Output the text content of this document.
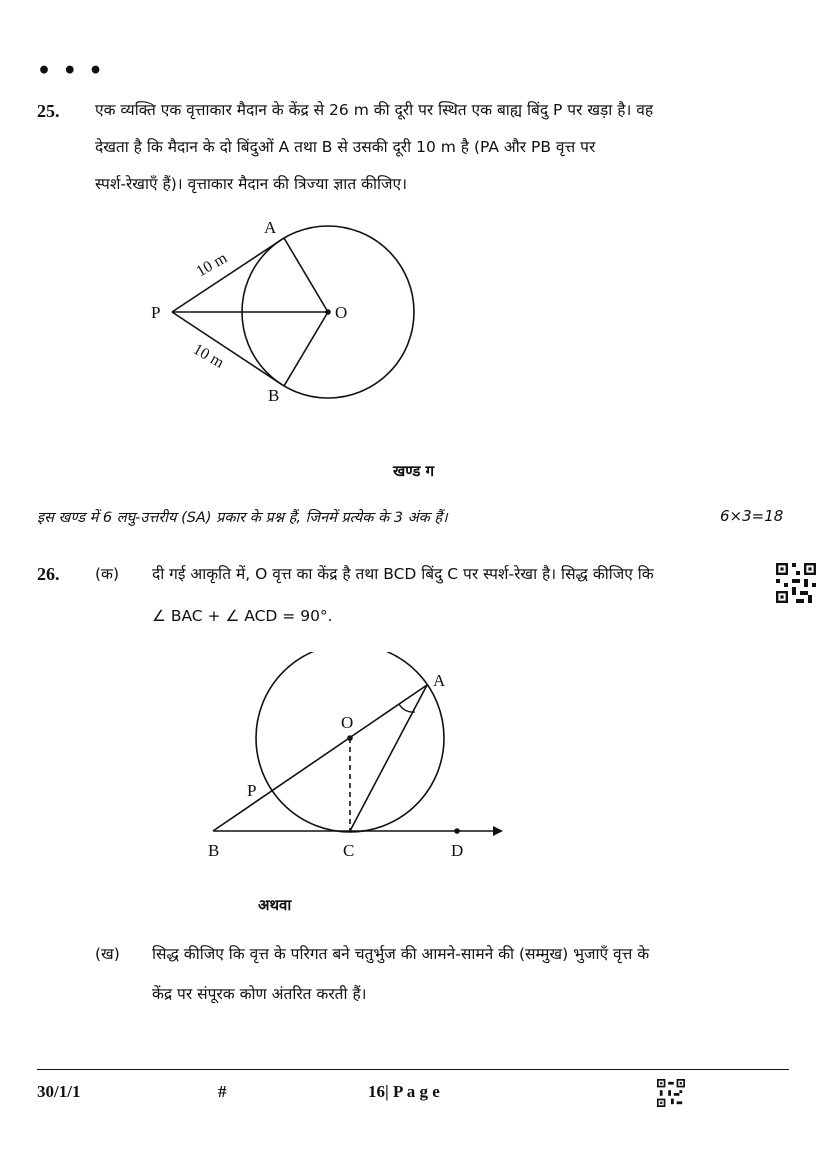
• • •
25. एक व्यक्ति एक वृत्ताकार मैदान के केंद्र से 26 m की दूरी पर स्थित एक बाह्य बिंदु P पर खड़ा है। वह
देखता है कि मैदान के दो बिंदुओं A तथा B से उसकी दूरी 10 m है (PA और PB वृत्त पर
स्पर्श-रेखाएँ हैं)। वृत्ताकार मैदान की त्रिज्या ज्ञात कीजिए।
A
B
P	O
10 m
10 m
खण्ड ग
इस खण्ड में 6 लघु-उत्तरीय (SA) प्रकार के प्रश्न हैं, जिनमें प्रत्येक के 3 अंक हैं।	6×3=18
26. (क) दी गई आकृति में, O वृत्त का केंद्र है तथा BCD बिंदु C पर स्पर्श-रेखा है। सिद्ध कीजिए कि
∠ BAC + ∠ ACD = 90°.
A
O
P
B	C	D
अथवा
(ख) सिद्ध कीजिए कि वृत्त के परिगत बने चतुर्भुज की आमने-सामने की (सम्मुख) भुजाएँ वृत्त के
केंद्र पर संपूरक कोण अंतरित करती हैं।
30/1/1	#	16| P a g e
